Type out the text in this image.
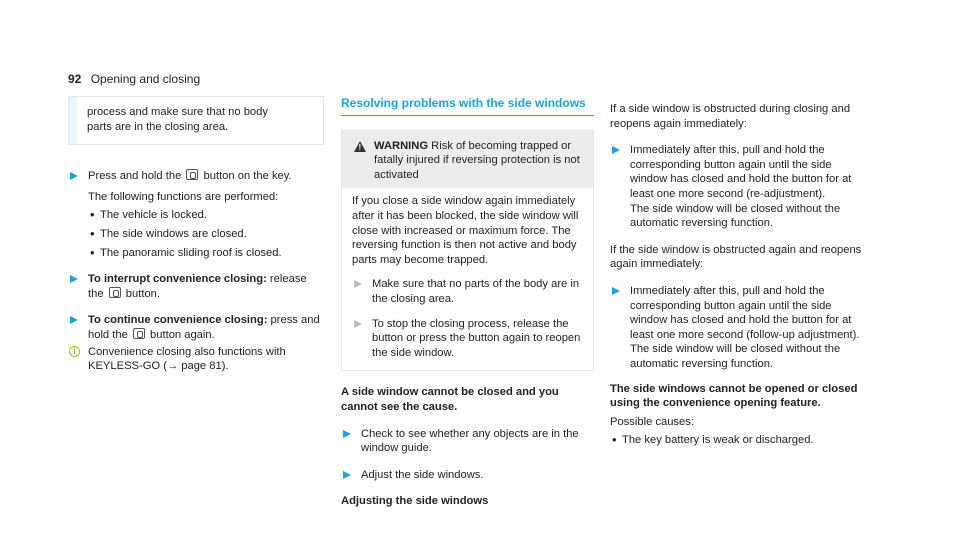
92 Opening and closing
process and make sure that no body
parts are in the closing area.
Press and hold the  button on the key.
The following functions are performed:
• The vehicle is locked.
• The side windows are closed.
• The panoramic sliding roof is closed.
To interrupt convenience closing: release the  button.
To continue convenience closing: press and hold the  button again.
i	Convenience closing also functions with KEYLESS-GO (→ page 81).
Resolving problems with the side windows
!
WARNING Risk of becoming trapped or fatally injured if reversing protection is not activated
If you close a side window again immediately after it has been blocked, the side window will close with increased or maximum force. The reversing function is then not active and body parts may become trapped.
Make sure that no parts of the body are in the closing area.
To stop the closing process, release the button or press the button again to reopen the side window.
A side window cannot be closed and you cannot see the cause.
Check to see whether any objects are in the window guide.
Adjust the side windows.
Adjusting the side windows
If a side window is obstructed during closing and reopens again immediately:
Immediately after this, pull and hold the corresponding button again until the side window has closed and hold the button for at least one more second (re-adjustment).
The side window will be closed without the automatic reversing function.
If the side window is obstructed again and reopens again immediately:
Immediately after this, pull and hold the corresponding button again until the side window has closed and hold the button for at least one more second (follow-up adjustment).
The side window will be closed without the automatic reversing function.
The side windows cannot be opened or closed using the convenience opening feature.
Possible causes:
• The key battery is weak or discharged.
